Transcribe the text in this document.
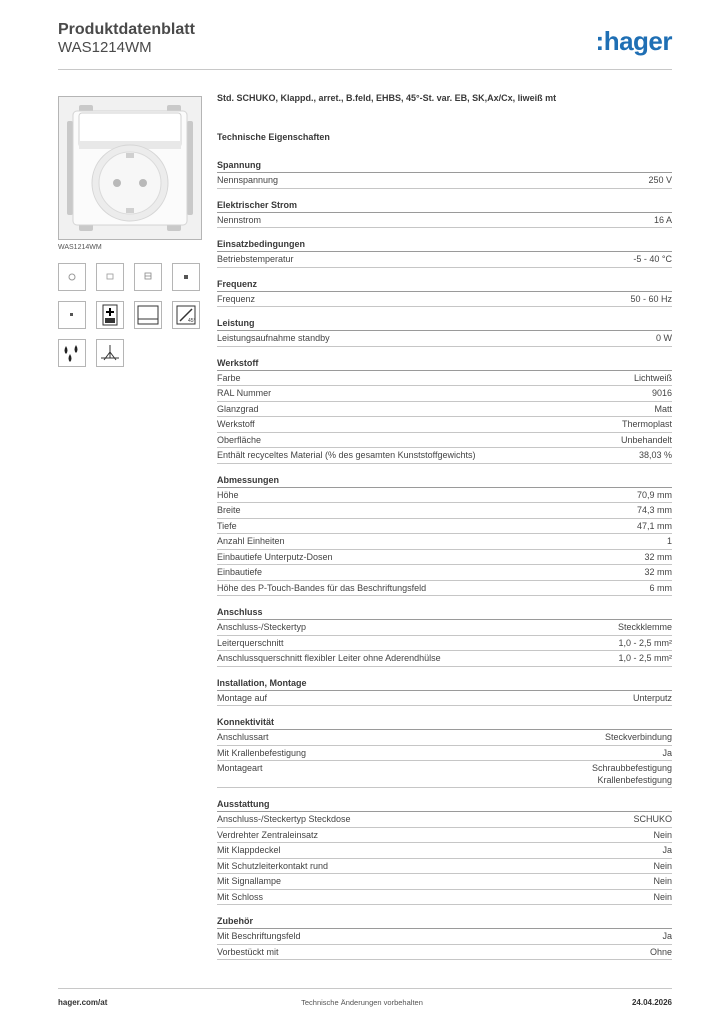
Produktdatenblatt
WAS1214WM	:hager
WAS1214WM
45°
Std. SCHUKO, Klappd., arret., B.feld, EHBS, 45°-St. var. EB, SK,Ax/Cx, liweiß mt
Technische Eigenschaften
Spannung
Nennspannung	250 V
Elektrischer Strom
Nennstrom	16 A
Einsatzbedingungen
Betriebstemperatur	-5 - 40 °C
Frequenz
Frequenz	50 - 60 Hz
Leistung
Leistungsaufnahme standby	0 W
Werkstoff
Farbe	Lichtweiß
RAL Nummer	9016
Glanzgrad	Matt
Werkstoff	Thermoplast
Oberfläche	Unbehandelt
Enthält recyceltes Material (% des gesamten Kunststoffgewichts)	38,03 %
Abmessungen
Höhe	70,9 mm
Breite	74,3 mm
Tiefe	47,1 mm
Anzahl Einheiten	1
Einbautiefe Unterputz-Dosen	32 mm
Einbautiefe	32 mm
Höhe des P-Touch-Bandes für das Beschriftungsfeld	6 mm
Anschluss
Anschluss-/Steckertyp	Steckklemme
Leiterquerschnitt	1,0 - 2,5 mm²
Anschlussquerschnitt flexibler Leiter ohne Aderendhülse	1,0 - 2,5 mm²
Installation, Montage
Montage auf	Unterputz
Konnektivität
Anschlussart	Steckverbindung
Mit Krallenbefestigung	Ja
Montageart	Schraubbefestigung
Krallenbefestigung
Ausstattung
Anschluss-/Steckertyp Steckdose	SCHUKO
Verdrehter Zentraleinsatz	Nein
Mit Klappdeckel	Ja
Mit Schutzleiterkontakt rund	Nein
Mit Signallampe	Nein
Mit Schloss	Nein
Zubehör
Mit Beschriftungsfeld	Ja
Vorbestückt mit	Ohne
hager.com/at	Technische Änderungen vorbehalten	24.04.2026
